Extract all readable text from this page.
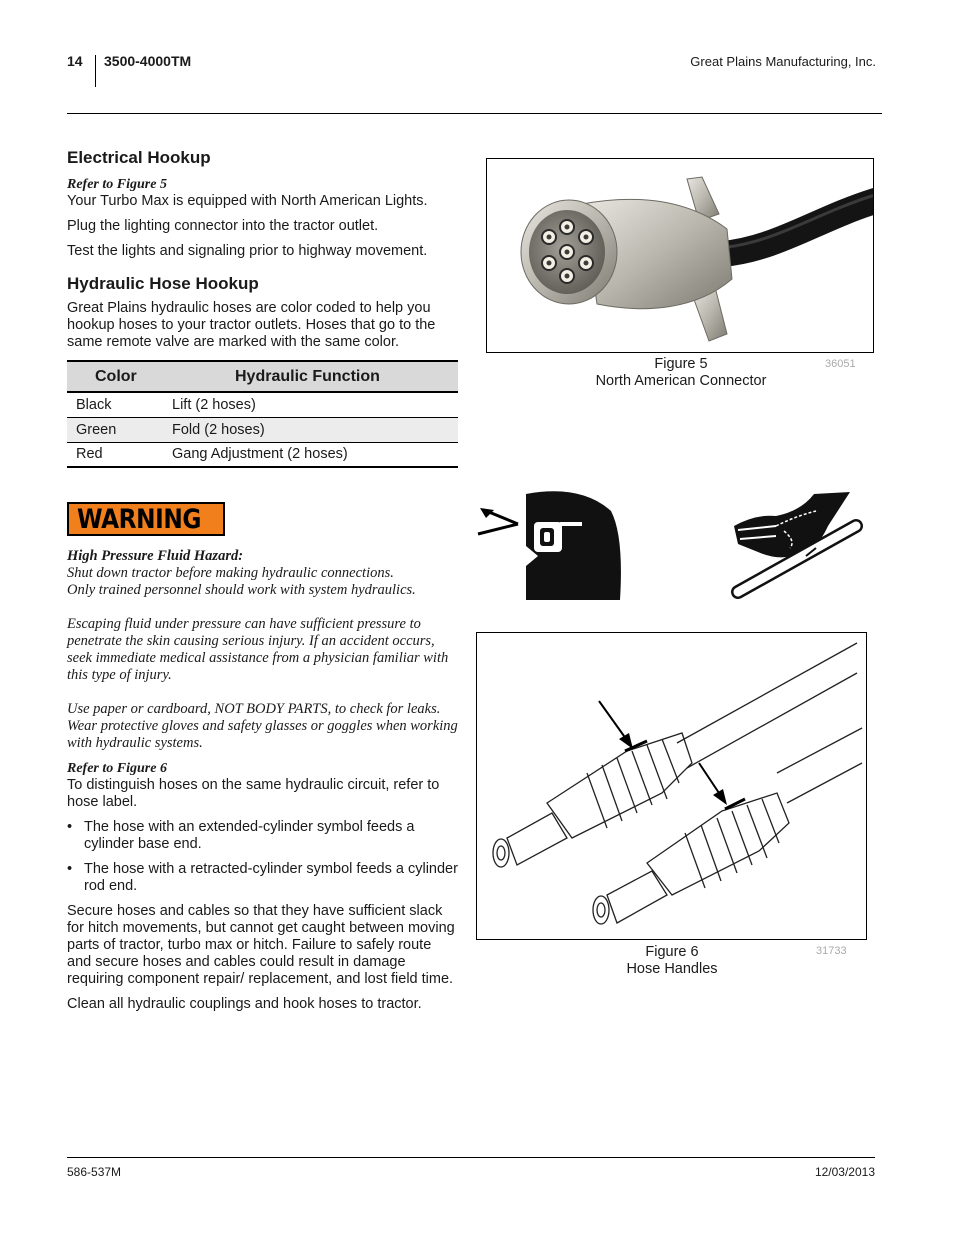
14 3500-4000TM	Great Plains Manufacturing, Inc.
Electrical Hookup
Refer to Figure 5

Your Turbo Max is equipped with North American Lights.

Plug the lighting connector into the tractor outlet.

Test the lights and signaling prior to highway movement.

Hydraulic Hose Hookup

Great Plains hydraulic hoses are color coded to help you hookup hoses to your tractor outlets. Hoses that go to the same remote valve are marked with the same color.

Color	Hydraulic Function
Black	Lift (2 hoses)
Green	Fold (2 hoses)
Red	Gang Adjustment (2 hoses)
WARNING
High Pressure Fluid Hazard:
Shut down tractor before making hydraulic connections.
Only trained personnel should work with system hydraulics.
Escaping fluid under pressure can have sufficient pressure to penetrate the skin causing serious injury. If an accident occurs, seek immediate medical assistance from a physician familiar with this type of injury.
Use paper or cardboard, NOT BODY PARTS, to check for leaks. Wear protective gloves and safety glasses or goggles when working with hydraulic systems.
Refer to Figure 6

To distinguish hoses on the same hydraulic circuit, refer to hose label.

• The hose with an extended-cylinder symbol feeds a cylinder base end.
• The hose with a retracted-cylinder symbol feeds a cylinder rod end.

Secure hoses and cables so that they have sufficient slack for hitch movements, but cannot get caught between moving parts of tractor, turbo max or hitch. Failure to safely route and secure hoses and cables could result in damage requiring component repair/ replacement, and lost field time.

Clean all hydraulic couplings and hook hoses to tractor.

Figure 5
North American Connector
36051
Figure 6
Hose Handles
31733
586-537M	12/03/2013
